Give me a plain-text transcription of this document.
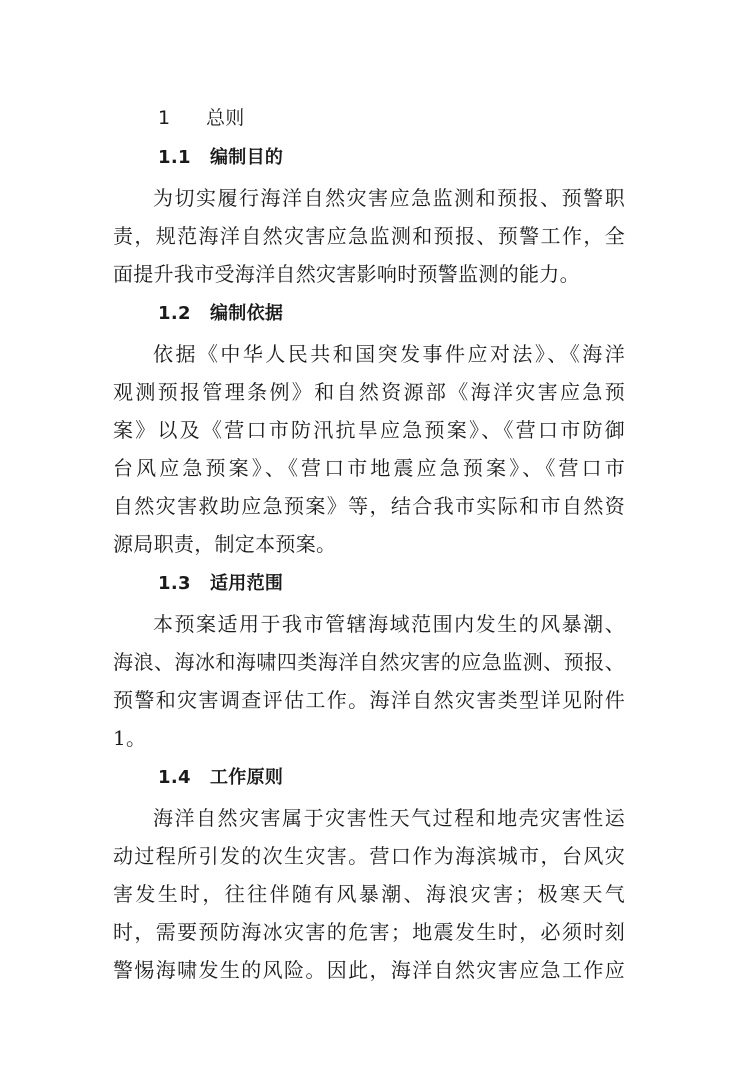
1 总则
1.1 编制目的
为切实履行海洋自然灾害应急监测和预报、预警职
责，规范海洋自然灾害应急监测和预报、预警工作，全
面提升我市受海洋自然灾害影响时预警监测的能力。
1.2 编制依据
依据《中华人民共和国突发事件应对法》、《海洋
观测预报管理条例》和自然资源部《海洋灾害应急预
案》以及《营口市防汛抗旱应急预案》、《营口市防御
台风应急预案》、《营口市地震应急预案》、《营口市
自然灾害救助应急预案》等，结合我市实际和市自然资
源局职责，制定本预案。
1.3 适用范围
本预案适用于我市管辖海域范围内发生的风暴潮、
海浪、海冰和海啸四类海洋自然灾害的应急监测、预报、
预警和灾害调查评估工作。海洋自然灾害类型详见附件
1。
1.4 工作原则
海洋自然灾害属于灾害性天气过程和地壳灾害性运
动过程所引发的次生灾害。营口作为海滨城市，台风灾
害发生时，往往伴随有风暴潮、海浪灾害；极寒天气
时，需要预防海冰灾害的危害；地震发生时，必须时刻
警惕海啸发生的风险。因此，海洋自然灾害应急工作应
